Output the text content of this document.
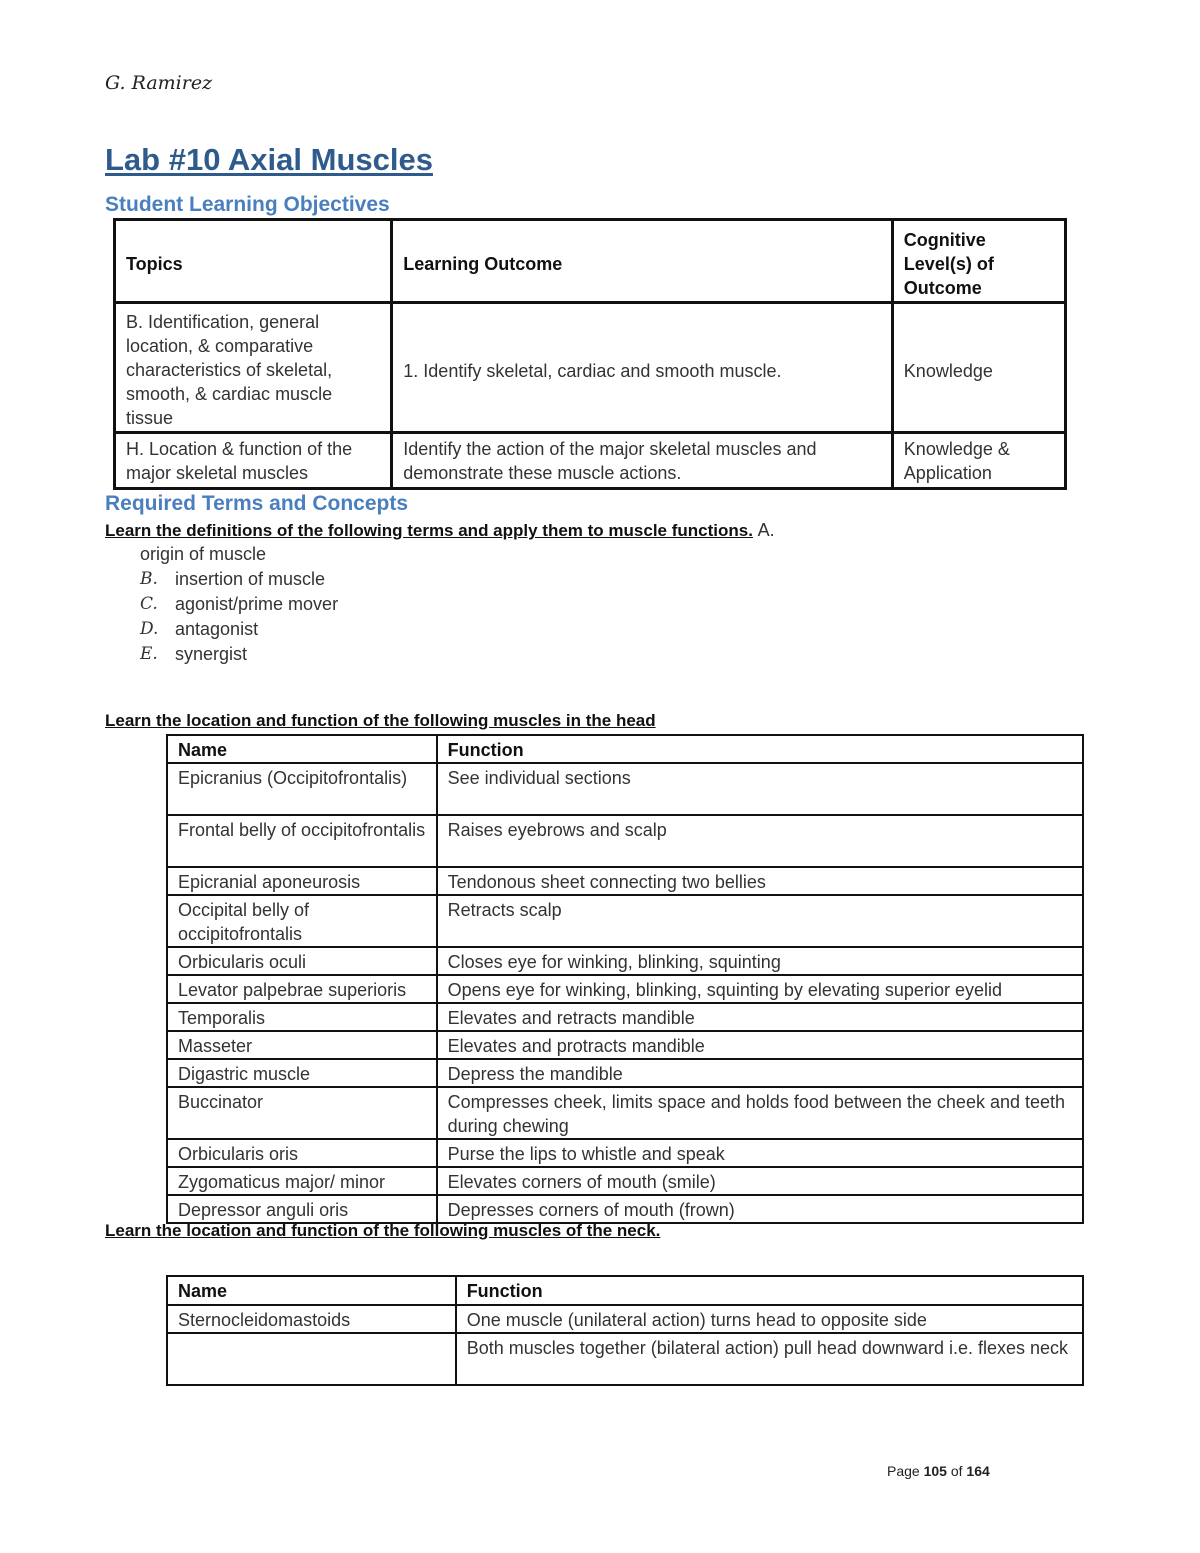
G. Ramirez
Lab #10 Axial Muscles
Student Learning Objectives
Topics	Learning Outcome	Cognitive Level(s) of Outcome
B. Identification, general location, & comparative characteristics of skeletal, smooth, & cardiac muscle tissue	1. Identify skeletal, cardiac and smooth muscle.	Knowledge
H. Location & function of the major skeletal muscles	Identify the action of the major skeletal muscles and demonstrate these muscle actions.	Knowledge & Application
Required Terms and Concepts
Learn the definitions of the following terms and apply them to muscle functions. A.
origin of muscle
B. insertion of muscle
C. agonist/prime mover
D. antagonist
E. synergist
Learn the location and function of the following muscles in the head
Name	Function
Epicranius (Occipitofrontalis)	See individual sections
Frontal belly of occipitofrontalis	Raises eyebrows and scalp
Epicranial aponeurosis	Tendonous sheet connecting two bellies
Occipital belly of occipitofrontalis	Retracts scalp
Orbicularis oculi	Closes eye for winking, blinking, squinting
Levator palpebrae superioris	Opens eye for winking, blinking, squinting by elevating superior eyelid
Temporalis	Elevates and retracts mandible
Masseter	Elevates and protracts mandible
Digastric muscle	Depress the mandible
Buccinator	Compresses cheek, limits space and holds food between the cheek and teeth during chewing
Orbicularis oris	Purse the lips to whistle and speak
Zygomaticus major/ minor	Elevates corners of mouth (smile)
Depressor anguli oris	Depresses corners of mouth (frown)
Learn the location and function of the following muscles of the neck.
Name	Function
Sternocleidomastoids	One muscle (unilateral action) turns head to opposite side
	Both muscles together (bilateral action) pull head downward i.e. flexes neck
Page 105 of 164
